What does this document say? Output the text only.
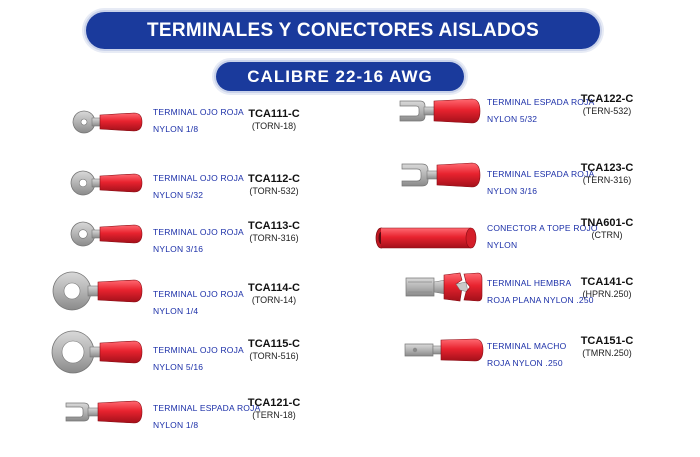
TERMINALES Y CONECTORES AISLADOS
CALIBRE 22-16 AWG
TERMINAL OJO ROJA
NYLON 1/8
TCA111-C
(TORN-18)
TERMINAL OJO ROJA
NYLON 5/32
TCA112-C
(TORN-532)
TERMINAL OJO ROJA
NYLON 3/16
TCA113-C
(TORN-316)
TERMINAL OJO ROJA
NYLON 1/4
TCA114-C
(TORN-14)
TERMINAL OJO ROJA
NYLON 5/16
TCA115-C
(TORN-516)
TERMINAL ESPADA ROJA
NYLON 1/8
TCA121-C
(TERN-18)
TERMINAL ESPADA ROJA
NYLON 5/32
TCA122-C
(TERN-532)
TERMINAL ESPADA ROJA
NYLON 3/16
TCA123-C
(TERN-316)
CONECTOR A TOPE ROJO
NYLON
TNA601-C
(CTRN)
TERMINAL HEMBRA
ROJA PLANA NYLON .250
TCA141-C
(HPRN.250)
TERMINAL MACHO
ROJA NYLON .250
TCA151-C
(TMRN.250)
